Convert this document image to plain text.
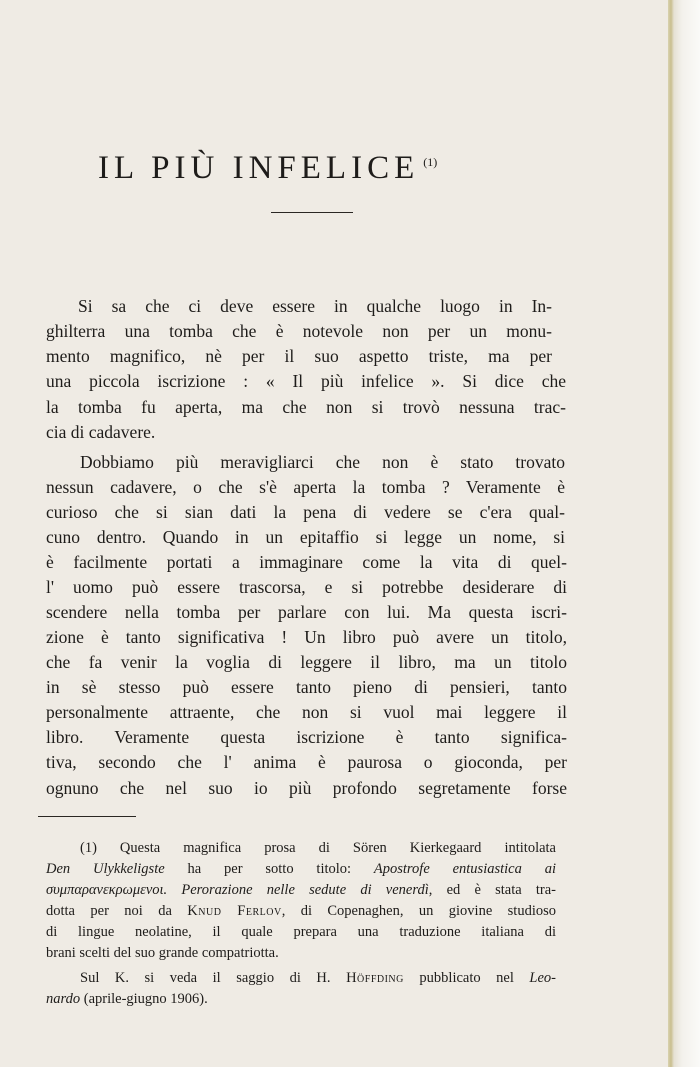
IL PIÙ INFELICE $^{(1)}$
Si sa che ci deve essere in qualche luogo in In-
ghilterra una tomba che è notevole non per un monu-
mento magnifico, nè per il suo aspetto triste, ma per
una piccola iscrizione : « Il più infelice ». Si dice che
la tomba fu aperta, ma che non si trovò nessuna trac-
cia di cadavere.
Dobbiamo più meravigliarci che non è stato trovato
nessun cadavere, o che s'è aperta la tomba ? Veramente è
curioso che si sian dati la pena di vedere se c'era qual-
cuno dentro. Quando in un epitaffio si legge un nome, si
è facilmente portati a immaginare come la vita di quel-
l' uomo può essere trascorsa, e si potrebbe desiderare di
scendere nella tomba per parlare con lui. Ma questa iscri-
zione è tanto significativa ! Un libro può avere un titolo,
che fa venir la voglia di leggere il libro, ma un titolo
in sè stesso può essere tanto pieno di pensieri, tanto
personalmente attraente, che non si vuol mai leggere il
libro. Veramente questa iscrizione è tanto significa-
tiva, secondo che l' anima è paurosa o gioconda, per
ognuno che nel suo io più profondo segretamente forse
(1) Questa magnifica prosa di Sören Kierkegaard intitolata
Den Ulykkeligste ha per sotto titolo: Apostrofe entusiastica ai
συμπαρανεκρωμενοι. Perorazione nelle sedute di venerdì, ed è stata tra-
dotta per noi da Knud Ferlov, di Copenaghen, un giovine studioso
di lingue neolatine, il quale prepara una traduzione italiana di
brani scelti del suo grande compatriotta.
Sul K. si veda il saggio di H. Höffding pubblicato nel Leo-
nardo (aprile-giugno 1906).
